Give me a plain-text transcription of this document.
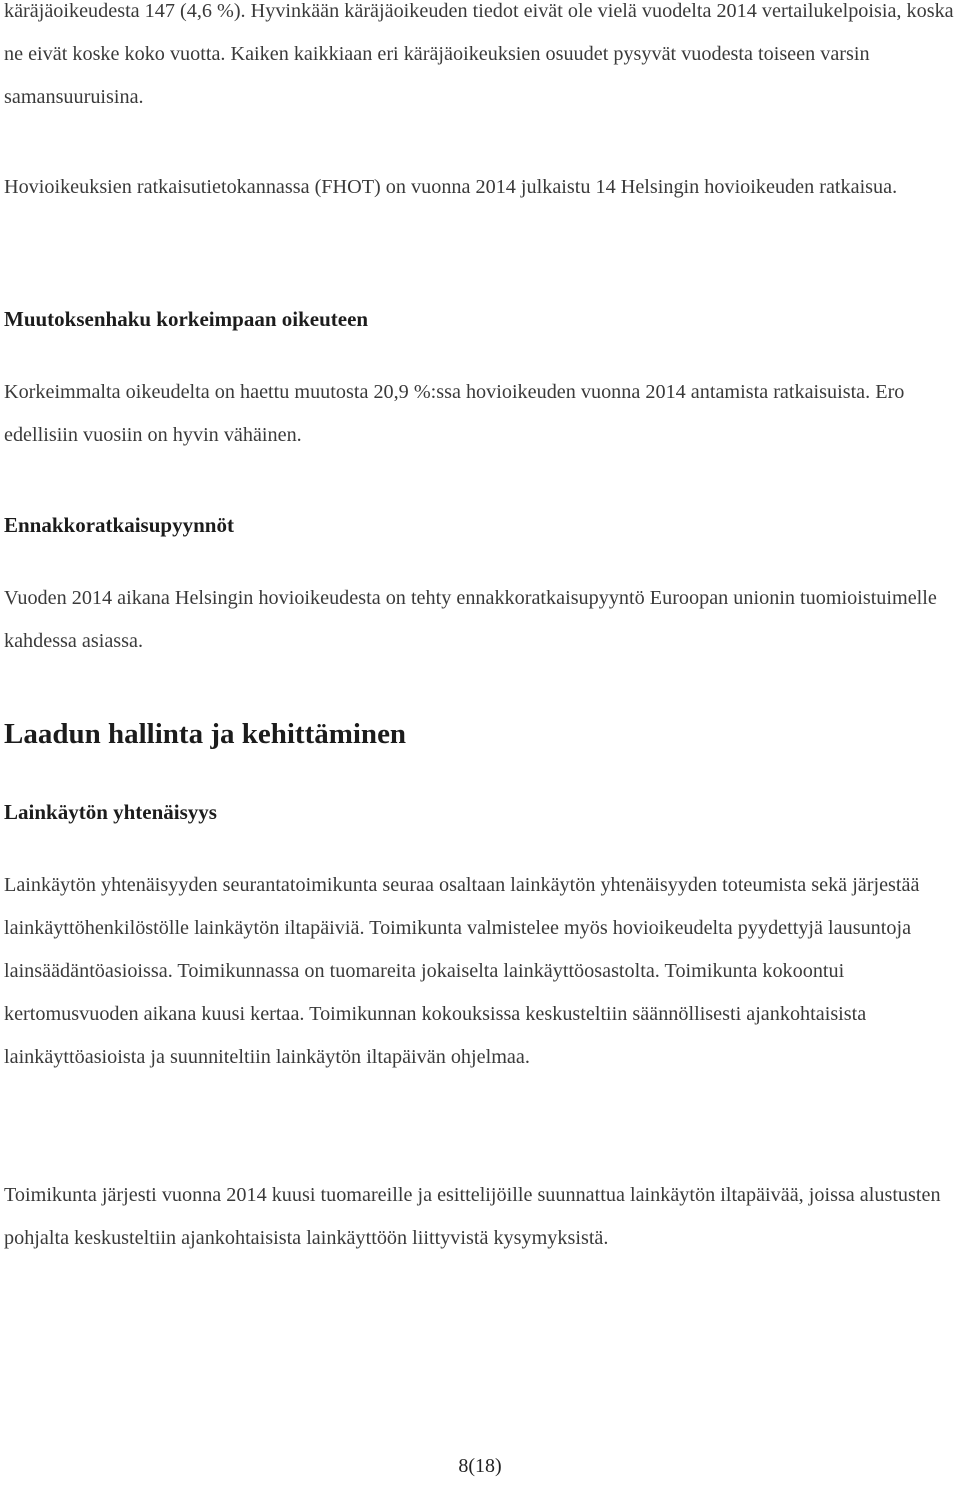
käräjäoikeudesta 147 (4,6 %). Hyvinkään käräjäoikeuden tiedot eivät ole vielä vuodelta 2014 vertailukelpoisia, koska ne eivät koske koko vuotta. Kaiken kaikkiaan eri käräjäoikeuksien osuudet pysyvät vuodesta toiseen varsin samansuuruisina.

Hovioikeuksien ratkaisutietokannassa (FHOT) on vuonna 2014 julkaistu 14 Helsingin hovioikeuden ratkaisua.

Muutoksenhaku korkeimpaan oikeuteen

Korkeimmalta oikeudelta on haettu muutosta 20,9 %:ssa hovioikeuden vuonna 2014 antamista ratkaisuista. Ero edellisiin vuosiin on hyvin vähäinen.

Ennakkoratkaisupyynnöt

Vuoden 2014 aikana Helsingin hovioikeudesta on tehty ennakkoratkaisupyyntö Euroopan unionin tuomioistuimelle kahdessa asiassa.

Laadun hallinta ja kehittäminen
Lainkäytön yhtenäisyys

Lainkäytön yhtenäisyyden seurantatoimikunta seuraa osaltaan lainkäytön yhtenäisyyden toteumista sekä järjestää lainkäyttöhenkilöstölle lainkäytön iltapäiviä. Toimikunta valmistelee myös hovioikeudelta pyydettyjä lausuntoja lainsäädäntöasioissa. Toimikunnassa on tuomareita jokaiselta lainkäyttöosastolta. Toimikunta kokoontui kertomusvuoden aikana kuusi kertaa. Toimikunnan kokouksissa keskusteltiin säännöllisesti ajankohtaisista lainkäyttöasioista ja suunniteltiin lainkäytön iltapäivän ohjelmaa.

Toimikunta järjesti vuonna 2014 kuusi tuomareille ja esittelijöille suunnattua lainkäytön iltapäivää, joissa alustusten pohjalta keskusteltiin ajankohtaisista lainkäyttöön liittyvistä kysymyksistä.

8(18)
